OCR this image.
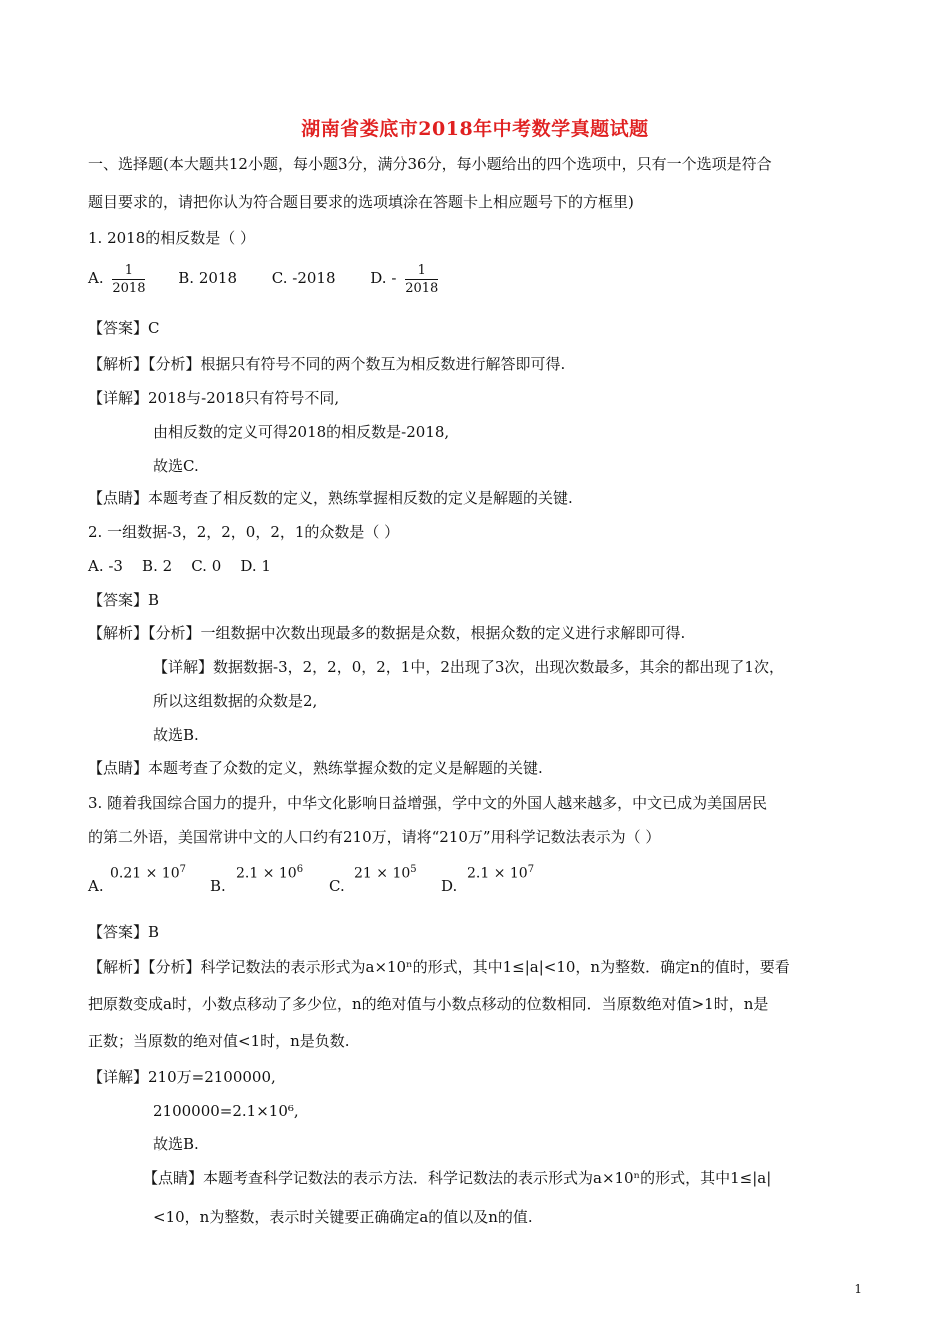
湖南省娄底市2018年中考数学真题试题
一、选择题(本大题共12小题，每小题3分，满分36分，每小题给出的四个选项中，只有一个选项是符合
题目要求的，请把你认为符合题目要求的选项填涂在答题卡上相应题号下的方框里)
1. 2018的相反数是（ ）
A. $\frac{1}{2018} B$. 2018 C. -2018 D. - $\frac{1}{2018}$
【答案】C
【解析】【分析】根据只有符号不同的两个数互为相反数进行解答即可得.
【详解】2018与-2018只有符号不同,
由相反数的定义可得2018的相反数是-2018,
故选C.
【点睛】本题考查了相反数的定义，熟练掌握相反数的定义是解题的关键.
2. 一组数据-3，2，2，0，2，1的众数是（ ）
A. -3    B. 2    C. 0    D. 1
【答案】B
【解析】【分析】一组数据中次数出现最多的数据是众数，根据众数的定义进行求解即可得.
【详解】数据数据-3，2，2，0，2，1中，2出现了3次，出现次数最多，其余的都出现了1次，
所以这组数据的众数是2,
故选B.
【点睛】本题考查了众数的定义，熟练掌握众数的定义是解题的关键.
3. 随着我国综合国力的提升，中华文化影响日益增强，学中文的外国人越来越多，中文已成为美国居民
的第二外语，美国常讲中文的人口约有210万，请将“210万”用科学记数法表示为（ ）
A.
$0.21 \times 10^7$
B.
$2.1 \times 10^6$
C.
$21 \times 10^5$
D.
$2.1 \times 10^7$
【答案】B
【解析】【分析】科学记数法的表示形式为a×10ⁿ的形式，其中1≤|a|<10，n为整数．确定n的值时，要看
把原数变成a时，小数点移动了多少位，n的绝对值与小数点移动的位数相同．当原数绝对值>1时，n是
正数；当原数的绝对值<1时，n是负数.
【详解】210万=2100000,
2100000=2.1×10⁶,
故选B.
【点睛】本题考查科学记数法的表示方法．科学记数法的表示形式为a×10ⁿ的形式，其中1≤|a|
<10，n为整数，表示时关键要正确确定a的值以及n的值.
1
